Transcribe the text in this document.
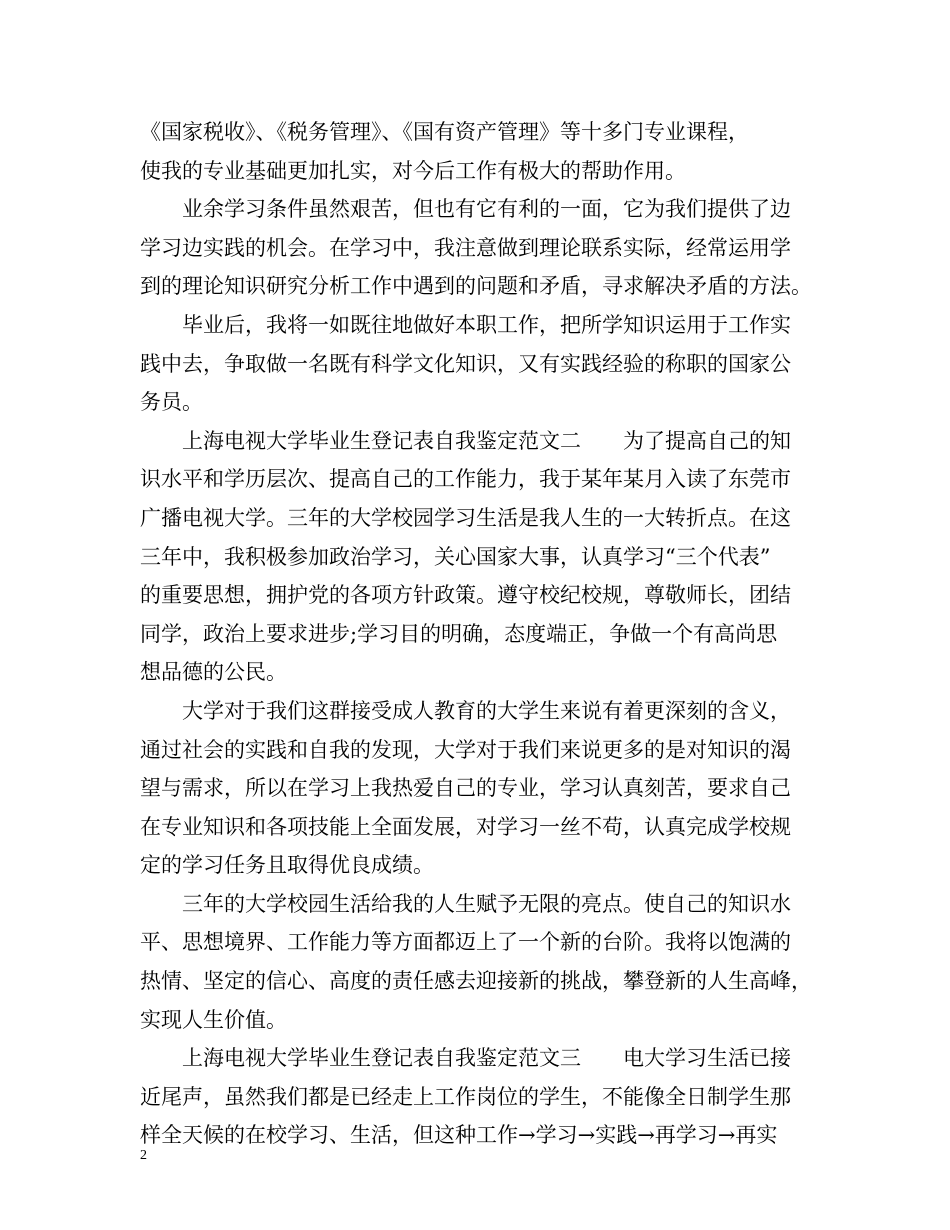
《国家税收》、《税务管理》、《国有资产管理》等十多门专业课程，
使我的专业基础更加扎实，对今后工作有极大的帮助作用。
业余学习条件虽然艰苦，但也有它有利的一面，它为我们提供了边
学习边实践的机会。在学习中，我注意做到理论联系实际，经常运用学
到的理论知识研究分析工作中遇到的问题和矛盾，寻求解决矛盾的方法。
毕业后，我将一如既往地做好本职工作，把所学知识运用于工作实
践中去，争取做一名既有科学文化知识，又有实践经验的称职的国家公
务员。
上海电视大学毕业生登记表自我鉴定范文二　　为了提高自己的知
识水平和学历层次、提高自己的工作能力，我于某年某月入读了东莞市
广播电视大学。三年的大学校园学习生活是我人生的一大转折点。在这
三年中，我积极参加政治学习，关心国家大事，认真学习“三个代表”
的重要思想，拥护党的各项方针政策。遵守校纪校规，尊敬师长，团结
同学，政治上要求进步;学习目的明确，态度端正，争做一个有高尚思
想品德的公民。
大学对于我们这群接受成人教育的大学生来说有着更深刻的含义，
通过社会的实践和自我的发现，大学对于我们来说更多的是对知识的渴
望与需求，所以在学习上我热爱自己的专业，学习认真刻苦，要求自己
在专业知识和各项技能上全面发展，对学习一丝不苟，认真完成学校规
定的学习任务且取得优良成绩。
三年的大学校园生活给我的人生赋予无限的亮点。使自己的知识水
平、思想境界、工作能力等方面都迈上了一个新的台阶。我将以饱满的
热情、坚定的信心、高度的责任感去迎接新的挑战，攀登新的人生高峰，
实现人生价值。
上海电视大学毕业生登记表自我鉴定范文三　　电大学习生活已接
近尾声，虽然我们都是已经走上工作岗位的学生，不能像全日制学生那
样全天候的在校学习、生活，但这种工作→学习→实践→再学习→再实
2
